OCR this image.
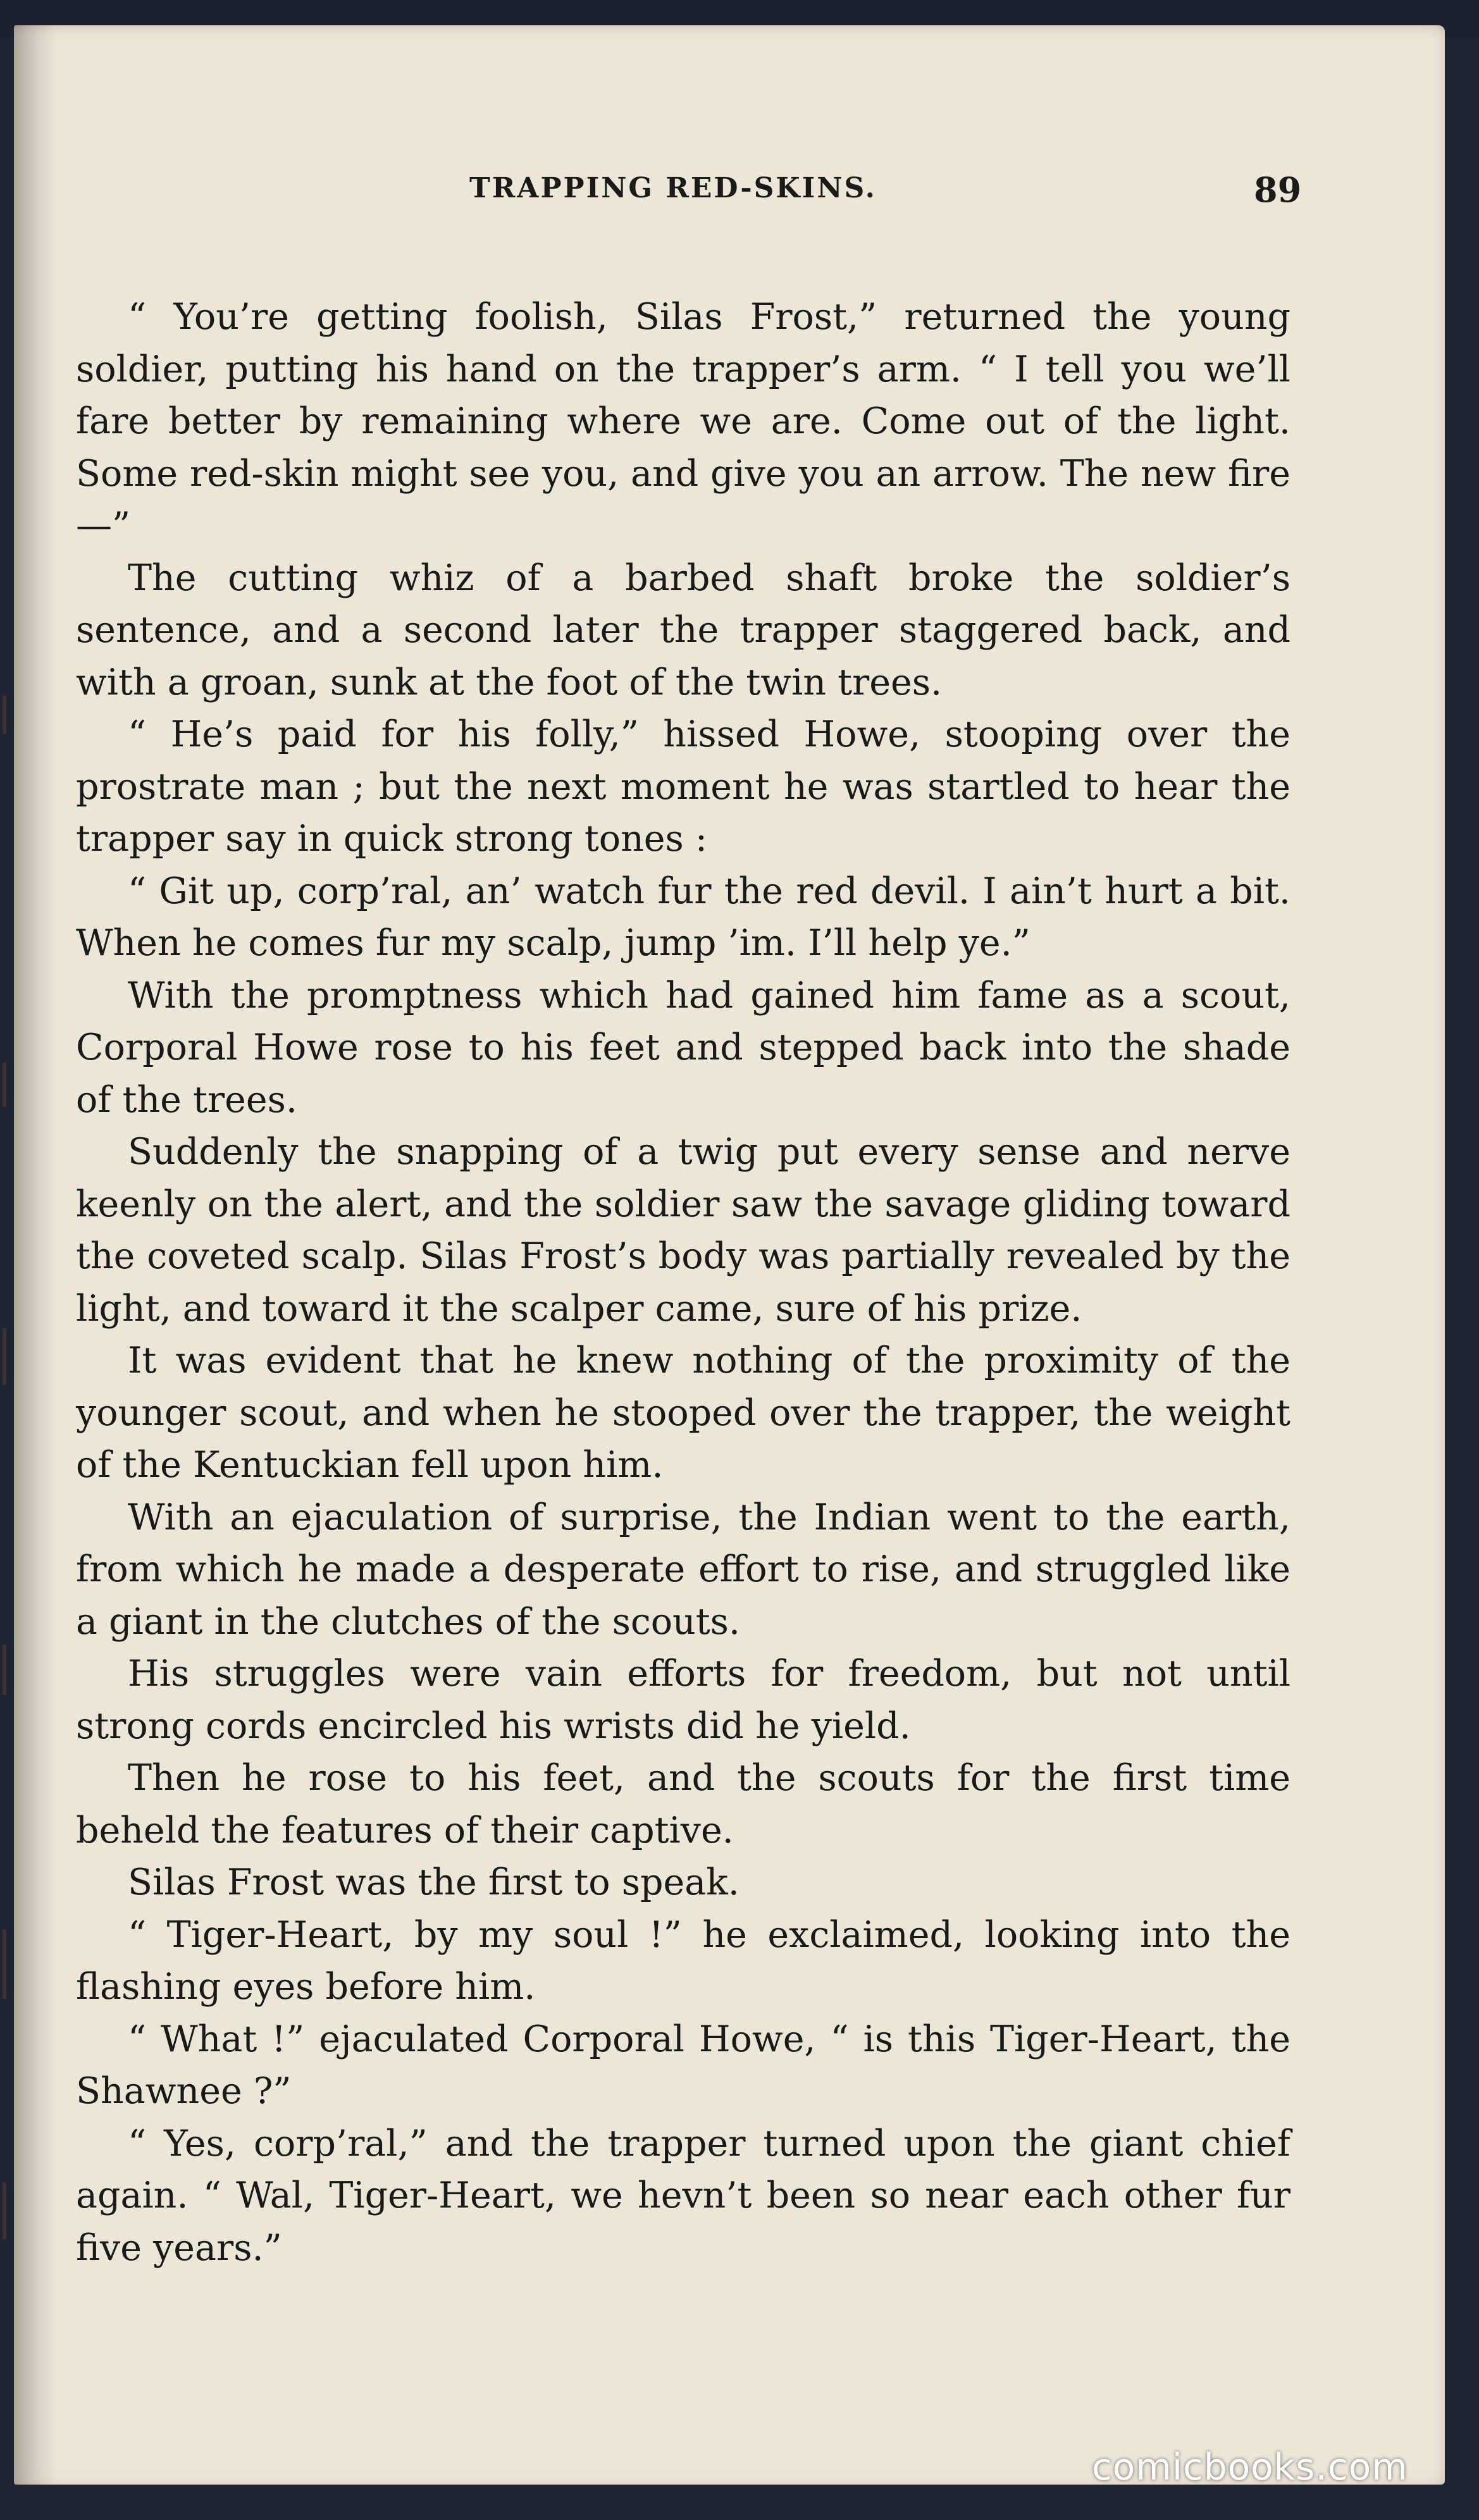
TRAPPING RED-SKINS.	89

“ You’re getting foolish, Silas Frost,” returned the young soldier, putting his hand on the trapper’s arm. “ I tell you we’ll fare better by remaining where we are. Come out of the light. Some red-skin might see you, and give you an arrow. The new fire—”

The cutting whiz of a barbed shaft broke the soldier’s sentence, and a second later the trapper staggered back, and with a groan, sunk at the foot of the twin trees.

“ He’s paid for his folly,” hissed Howe, stooping over the prostrate man ; but the next moment he was startled to hear the trapper say in quick strong tones :

“ Git up, corp’ral, an’ watch fur the red devil. I ain’t hurt a bit. When he comes fur my scalp, jump ’im. I’ll help ye.”

With the promptness which had gained him fame as a scout, Corporal Howe rose to his feet and stepped back into the shade of the trees.

Suddenly the snapping of a twig put every sense and nerve keenly on the alert, and the soldier saw the savage gliding toward the coveted scalp. Silas Frost’s body was partially revealed by the light, and toward it the scalper came, sure of his prize.

It was evident that he knew nothing of the proximity of the younger scout, and when he stooped over the trapper, the weight of the Kentuckian fell upon him.

With an ejaculation of surprise, the Indian went to the earth, from which he made a desperate effort to rise, and struggled like a giant in the clutches of the scouts.

His struggles were vain efforts for freedom, but not until strong cords encircled his wrists did he yield.

Then he rose to his feet, and the scouts for the first time beheld the features of their captive.

Silas Frost was the first to speak.

“ Tiger-Heart, by my soul !” he exclaimed, looking into the flashing eyes before him.

“ What !” ejaculated Corporal Howe, “ is this Tiger-Heart, the Shawnee ?”

“ Yes, corp’ral,” and the trapper turned upon the giant chief again. “ Wal, Tiger-Heart, we hevn’t been so near each other fur five years.”

comicbooks.com
